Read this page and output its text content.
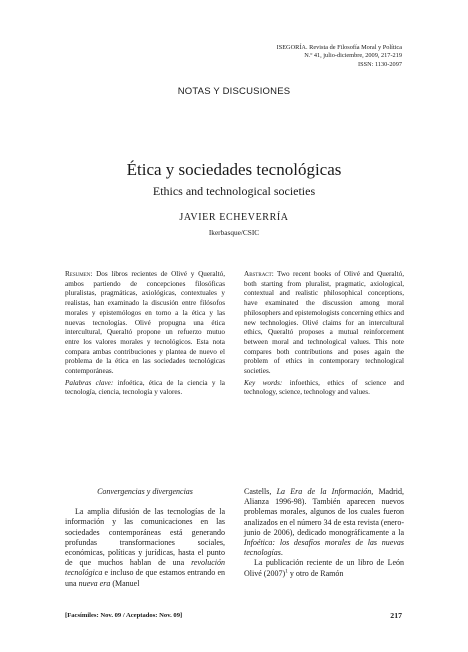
ISEGORÍA. Revista de Filosofía Moral y Política
N.º 41, julio-diciembre, 2009, 217-219
ISSN: 1130-2097
NOTAS Y DISCUSIONES
Ética y sociedades tecnológicas
Ethics and technological societies
JAVIER ECHEVERRÍA
Ikerbasque/CSIC

Resumen: Dos libros recientes de Olivé y Queraltó, ambos partiendo de concepciones filosóficas pluralistas, pragmáticas, axiológicas, contextuales y realistas, han examinado la discusión entre filósofos morales y epistemólogos en torno a la ética y las nuevas tecnologías. Olivé propugna una ética intercultural, Queraltó propone un refuerzo mutuo entre los valores morales y tecnológicos. Esta nota compara ambas contribuciones y plantea de nuevo el problema de la ética en las sociedades tecnológicas contemporáneas.

Palabras clave: infoética, ética de la ciencia y la tecnología, ciencia, tecnología y valores.

Abstract: Two recent books of Olivé and Queraltó, both starting from pluralist, pragmatic, axiological, contextual and realistic philosophical conceptions, have examinated the discussion among moral philosophers and epistemologists concerning ethics and new technologies. Olivé claims for an intercultural ethics, Queraltó proposes a mutual reinforcement between moral and technological values. This note compares both contributions and poses again the problem of ethics in contemporary technological societies.

Key words: infoethics, ethics of science and technology, science, technology and values.

Convergencias y divergencias

La amplia difusión de las tecnologías de la información y las comunicaciones en las sociedades contemporáneas está generando profundas transformaciones sociales, económicas, políticas y jurídicas, hasta el punto de que muchos hablan de una revolución tecnológica e incluso de que estamos entrando en una nueva era (Manuel

Castells, La Era de la Información, Madrid, Alianza 1996-98). También aparecen nuevos problemas morales, algunos de los cuales fueron analizados en el número 34 de esta revista (enero-junio de 2006), dedicado monográficamente a la Infoética: los desafíos morales de las nuevas tecnologías.

La publicación reciente de un libro de León Olivé $(2007)^1$ y otro de Ramón

[Facsímiles: Nov. 09 / Aceptados: Nov. 09]	217
